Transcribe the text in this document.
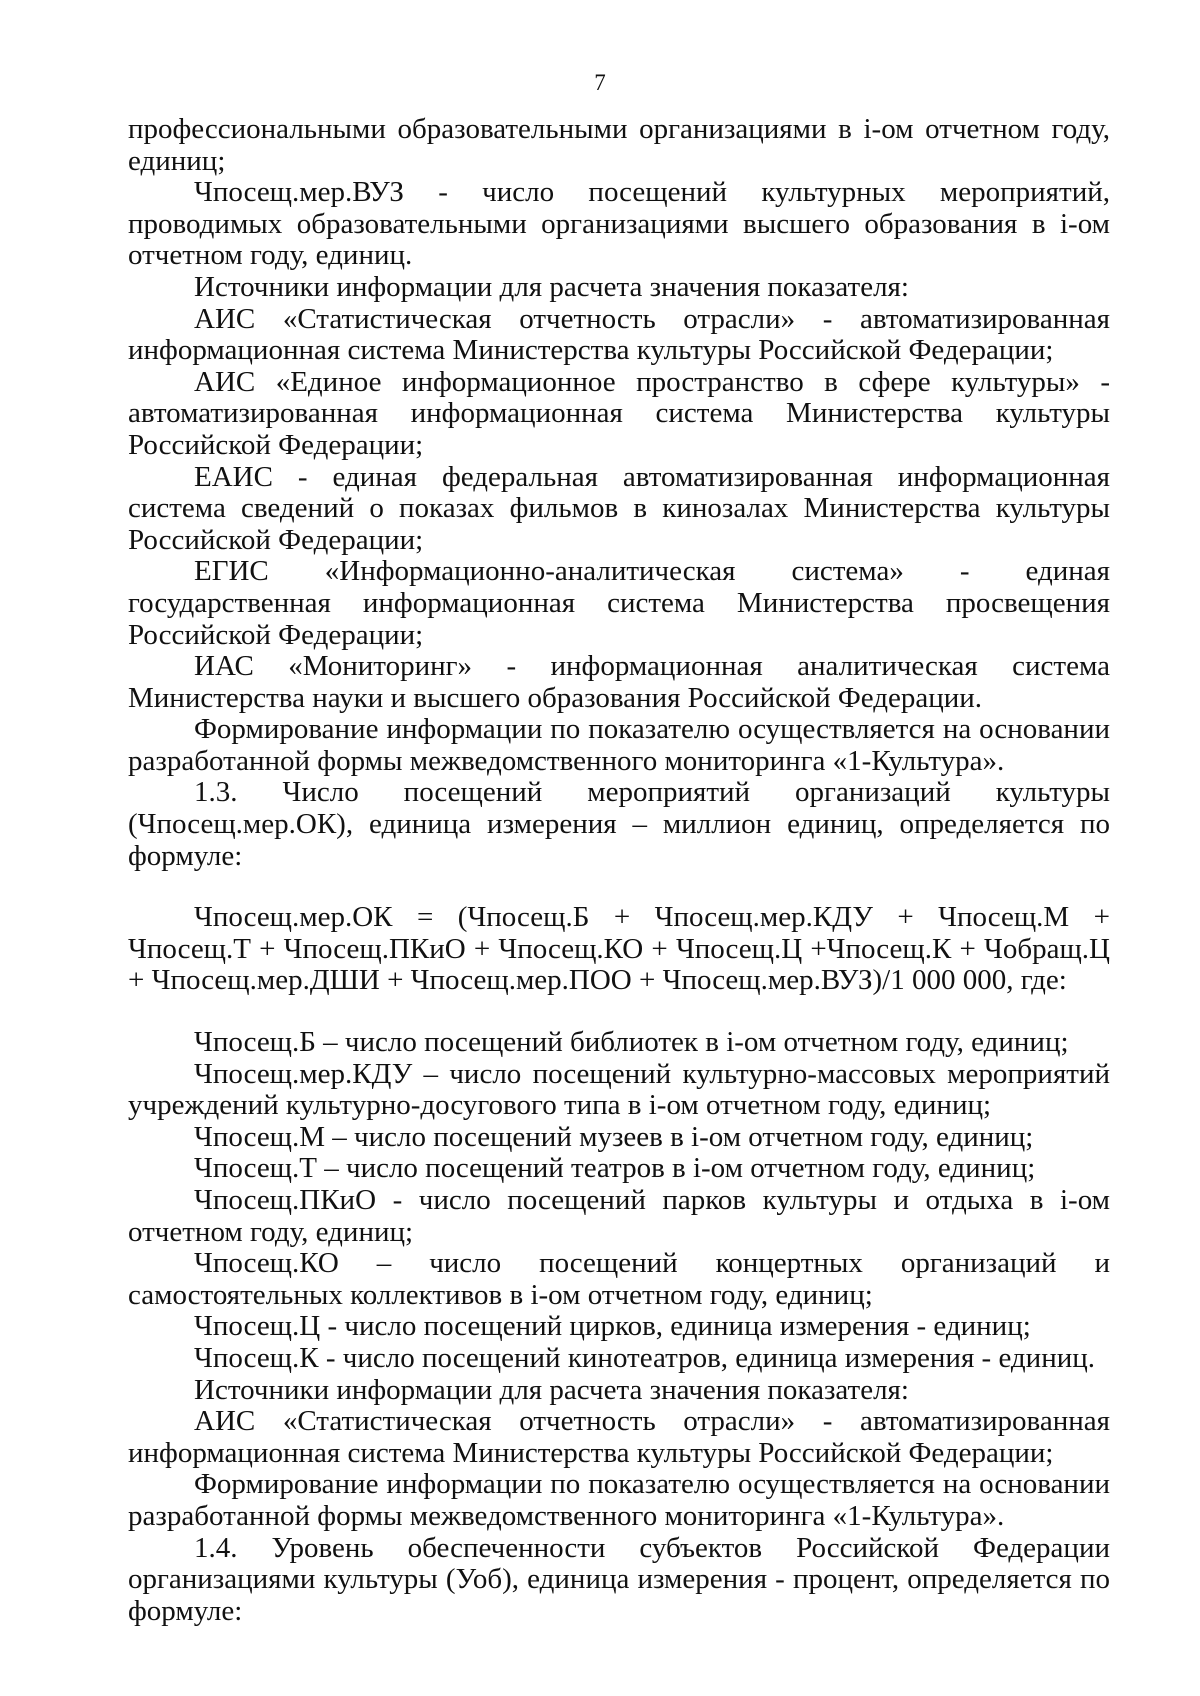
7

профессиональными образовательными организациями в i-ом отчетном году, единиц;

Чпосещ.мер.ВУЗ - число посещений культурных мероприятий, проводимых образовательными организациями высшего образования в i-ом отчетном году, единиц.

Источники информации для расчета значения показателя:

АИС «Статистическая отчетность отрасли» - автоматизированная информационная система Министерства культуры Российской Федерации;

АИС «Единое информационное пространство в сфере культуры» - автоматизированная информационная система Министерства культуры Российской Федерации;

ЕАИС - единая федеральная автоматизированная информационная система сведений о показах фильмов в кинозалах Министерства культуры Российской Федерации;

ЕГИС «Информационно-аналитическая система» - единая государственная информационная система Министерства просвещения Российской Федерации;

ИАС «Мониторинг» - информационная аналитическая система Министерства науки и высшего образования Российской Федерации.

Формирование информации по показателю осуществляется на основании разработанной формы межведомственного мониторинга «1-Культура».

1.3. Число посещений мероприятий организаций культуры (Чпосещ.мер.ОК), единица измерения – миллион единиц, определяется по формуле:

Чпосещ.мер.ОК = (Чпосещ.Б + Чпосещ.мер.КДУ + Чпосещ.М + Чпосещ.Т + Чпосещ.ПКиО + Чпосещ.КО + Чпосещ.Ц +Чпосещ.К + Чобращ.Ц + Чпосещ.мер.ДШИ + Чпосещ.мер.ПОО + Чпосещ.мер.ВУЗ)/1 000 000, где:

Чпосещ.Б – число посещений библиотек в i-ом отчетном году, единиц;

Чпосещ.мер.КДУ – число посещений культурно-массовых мероприятий учреждений культурно-досугового типа в i-ом отчетном году, единиц;

Чпосещ.М – число посещений музеев в i-ом отчетном году, единиц;

Чпосещ.Т – число посещений театров в i-ом отчетном году, единиц;

Чпосещ.ПКиО - число посещений парков культуры и отдыха в i-ом отчетном году, единиц;

Чпосещ.КО – число посещений концертных организаций и самостоятельных коллективов в i-ом отчетном году, единиц;

Чпосещ.Ц - число посещений цирков, единица измерения - единиц;

Чпосещ.К - число посещений кинотеатров, единица измерения - единиц.

Источники информации для расчета значения показателя:

АИС «Статистическая отчетность отрасли» - автоматизированная информационная система Министерства культуры Российской Федерации;

Формирование информации по показателю осуществляется на основании разработанной формы межведомственного мониторинга «1-Культура».

1.4. Уровень обеспеченности субъектов Российской Федерации организациями культуры (Уоб), единица измерения - процент, определяется по формуле:
